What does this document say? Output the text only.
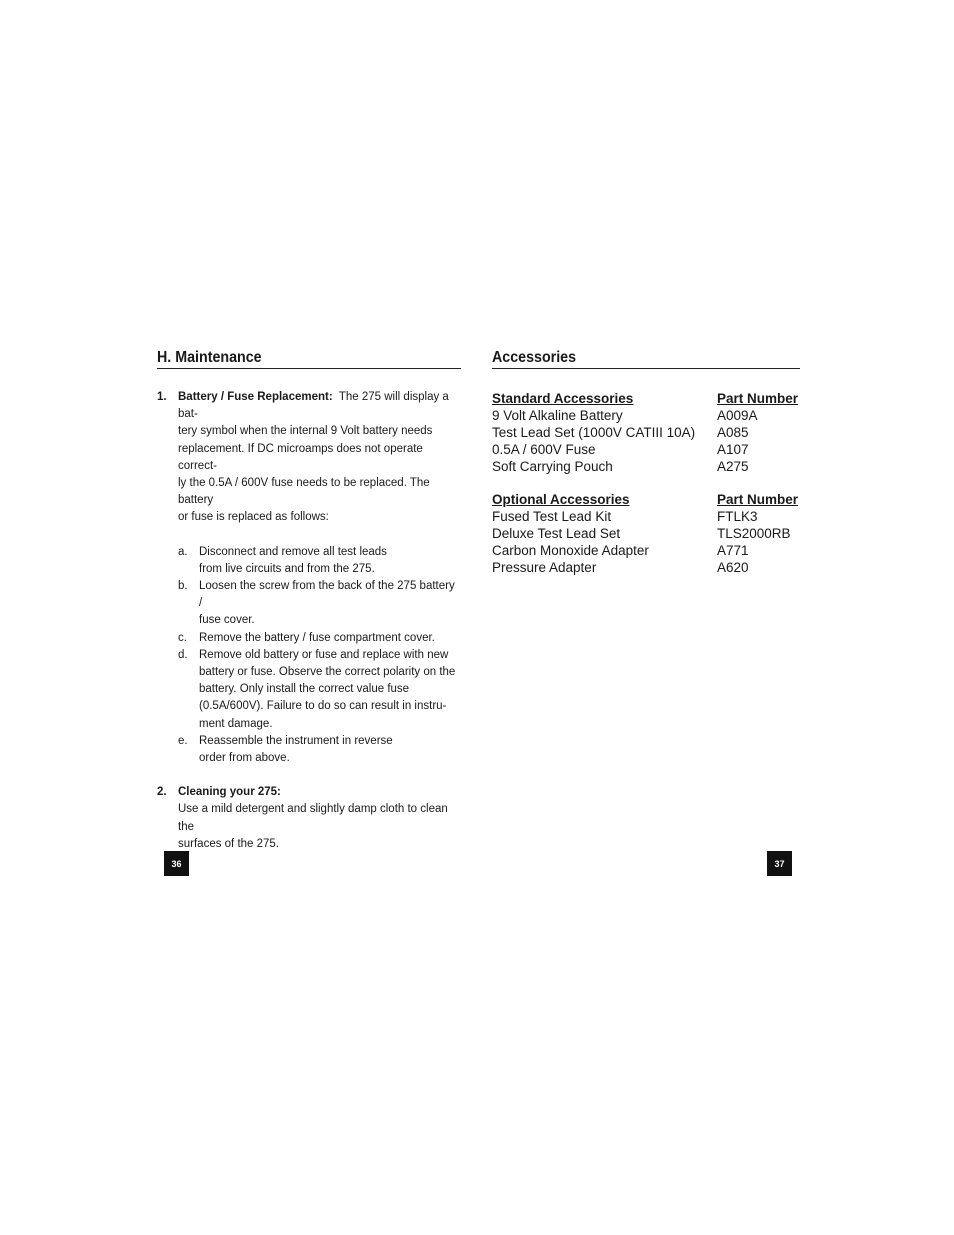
H. Maintenance
1. Battery / Fuse Replacement: The 275 will display a bat-
tery symbol when the internal 9 Volt battery needs
replacement. If DC microamps does not operate correct-
ly the 0.5A / 600V fuse needs to be replaced. The battery
or fuse is replaced as follows:
a. Disconnect and remove all test leads
from live circuits and from the 275.
b. Loosen the screw from the back of the 275 battery /
fuse cover.
c. Remove the battery / fuse compartment cover.
d. Remove old battery or fuse and replace with new
battery or fuse. Observe the correct polarity on the
battery. Only install the correct value fuse
(0.5A/600V). Failure to do so can result in instru-
ment damage.
e. Reassemble the instrument in reverse
order from above.
2. Cleaning your 275:
Use a mild detergent and slightly damp cloth to clean the
surfaces of the 275.
Accessories
Standard Accessories	Part Number
9 Volt Alkaline Battery	A009A
Test Lead Set (1000V CATIII 10A)	A085
0.5A / 600V Fuse	A107
Soft Carrying Pouch	A275
Optional Accessories	Part Number
Fused Test Lead Kit	FTLK3
Deluxe Test Lead Set	TLS2000RB
Carbon Monoxide Adapter	A771
Pressure Adapter	A620
36	37
